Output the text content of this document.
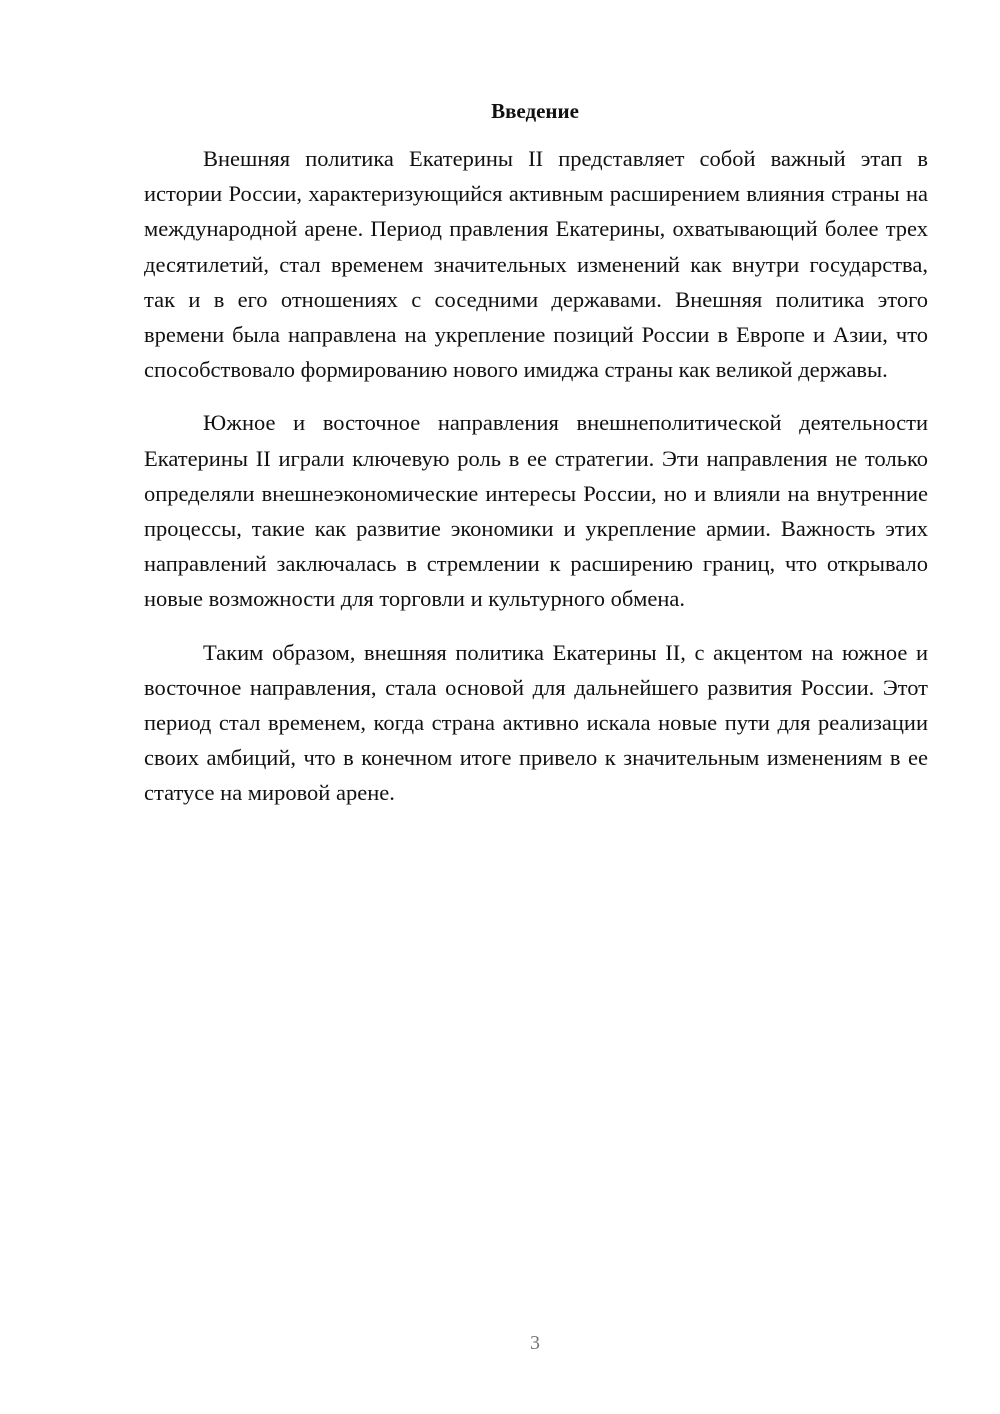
Введение

Внешняя политика Екатерины II представляет собой важный этап в истории России, характеризующийся активным расширением влияния страны на международной арене. Период правления Екатерины, охватывающий более трех десятилетий, стал временем значительных изменений как внутри государства, так и в его отношениях с соседними державами. Внешняя политика этого времени была направлена на укрепление позиций России в Европе и Азии, что способствовало формированию нового имиджа страны как великой державы.

Южное и восточное направления внешнеполитической деятельности Екатерины II играли ключевую роль в ее стратегии. Эти направления не только определяли внешнеэкономические интересы России, но и влияли на внутренние процессы, такие как развитие экономики и укрепление армии. Важность этих направлений заключалась в стремлении к расширению границ, что открывало новые возможности для торговли и культурного обмена.

Таким образом, внешняя политика Екатерины II, с акцентом на южное и восточное направления, стала основой для дальнейшего развития России. Этот период стал временем, когда страна активно искала новые пути для реализации своих амбиций, что в конечном итоге привело к значительным изменениям в ее статусе на мировой арене.

3
